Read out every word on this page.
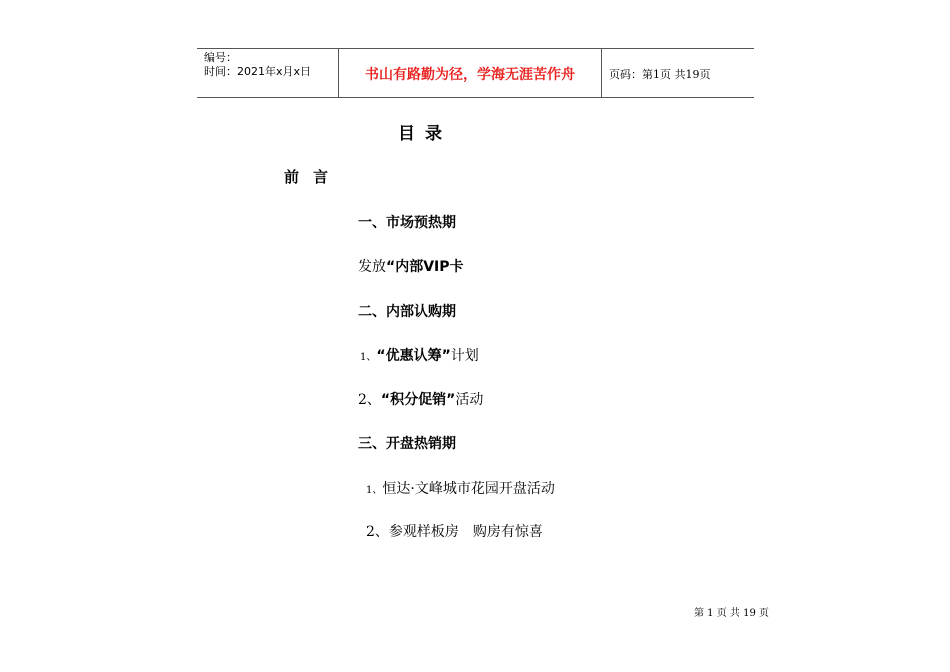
编号：
时间：2021年x月x日	书山有路勤为径，学海无涯苦作舟	页码：第1页 共19页
目录
前言
一、市场预热期
发放“内部VIP卡
二、内部认购期
1、“优惠认筹”计划
2、“积分促销”活动
三、开盘热销期
1、恒达·文峰城市花园开盘活动
2、参观样板房　购房有惊喜
第 1 页 共 19 页
